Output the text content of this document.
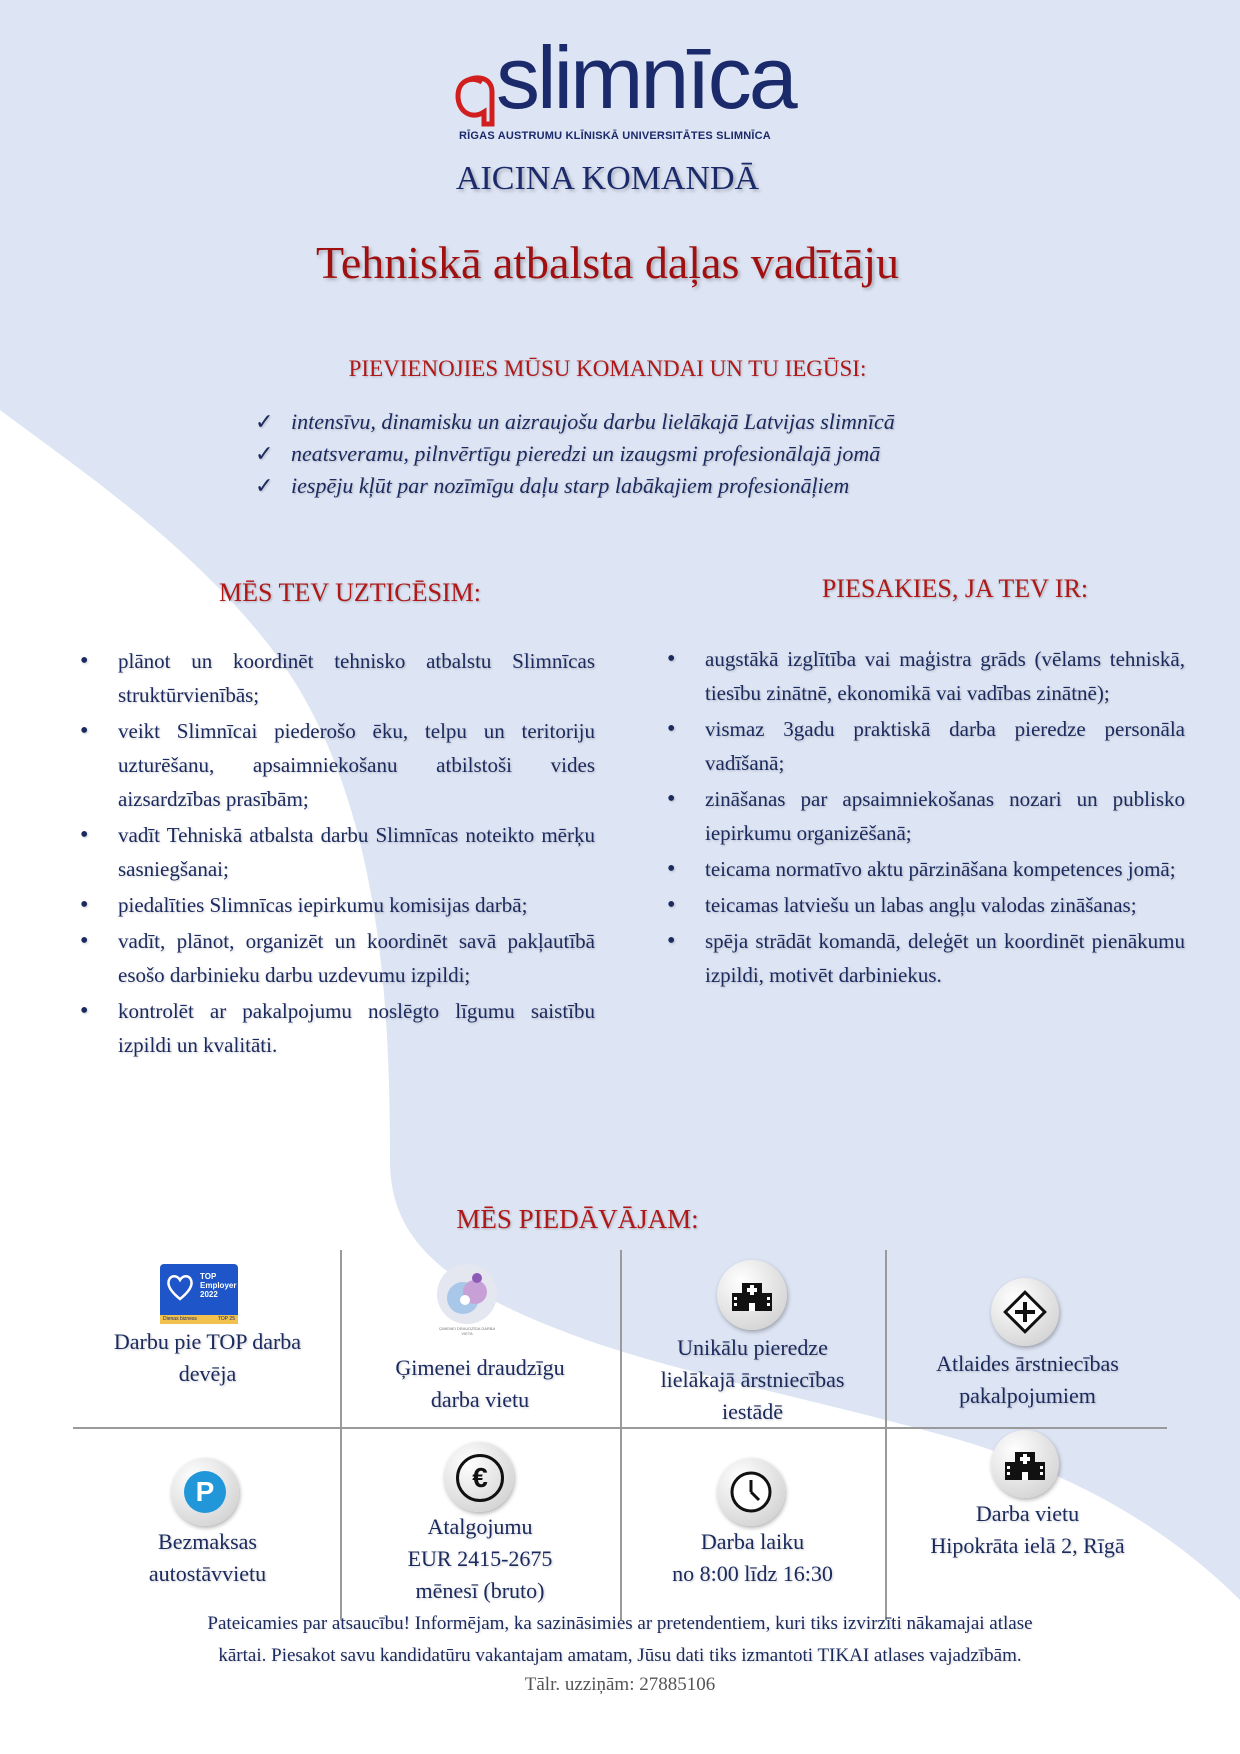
slimnīca
RĪGAS AUSTRUMU KLĪNISKĀ UNIVERSITĀTES SLIMNĪCA
AICINA KOMANDĀ
Tehniskā atbalsta daļas vadītāju
PIEVIENOJIES MŪSU KOMANDAI UN TU IEGŪSI:
✓ intensīvu, dinamisku un aizraujošu darbu lielākajā Latvijas slimnīcā
✓ neatsveramu, pilnvērtīgu pieredzi un izaugsmi profesionālajā jomā
✓ iespēju kļūt par nozīmīgu daļu starp labākajiem profesionāļiem
MĒS TEV UZTICĒSIM:
• plānot un koordinēt tehnisko atbalstu Slimnīcas struktūrvienībās;
• veikt Slimnīcai piederošo ēku, telpu un teritoriju uzturēšanu, apsaimniekošanu atbilstoši vides aizsardzības prasībām;
• vadīt Tehniskā atbalsta darbu Slimnīcas noteikto mērķu sasniegšanai;
• piedalīties Slimnīcas iepirkumu komisijas darbā;
• vadīt, plānot, organizēt un koordinēt savā pakļautībā esošo darbinieku darbu uzdevumu izpildi;
• kontrolēt ar pakalpojumu noslēgto līgumu saistību izpildi un kvalitāti.
PIESAKIES, JA TEV IR:
• augstākā izglītība vai maģistra grāds (vēlams tehniskā, tiesību zinātnē, ekonomikā vai vadības zinātnē);
• vismaz 3gadu praktiskā darba pieredze personāla vadīšanā;
• zināšanas par apsaimniekošanas nozari un publisko iepirkumu organizēšanā;
• teicama normatīvo aktu pārzināšana kompetences jomā;
• teicamas latviešu un labas angļu valodas zināšanas;
• spēja strādāt komandā, deleģēt un koordinēt pienākumu izpildi, motivēt darbiniekus.
MĒS PIEDĀVĀJAM:
TOP
Employer
2022
Dienas bizness	TOP 25
Darbu pie TOP darba
devēja
ĢIMENEI DRAUDZĪGA DARBA VIETA
Ģimenei draudzīgu
darba vietu
Unikālu pieredze
lielākajā ārstniecības
iestādē
Atlaides ārstniecības
pakalpojumiem
P
Bezmaksas
autostāvvietu
€
Atalgojumu
EUR 2415-2675
mēnesī (bruto)
Darba laiku
no 8:00 līdz 16:30
Darba vietu
Hipokrāta ielā 2, Rīgā
Pateicamies par atsaucību! Informējam, ka sazināsimies ar pretendentiem, kuri tiks izvirzīti nākamajai atlase
kārtai. Piesakot savu kandidatūru vakantajam amatam, Jūsu dati tiks izmantoti TIKAI atlases vajadzībām.
Tālr. uzziņām: 27885106
